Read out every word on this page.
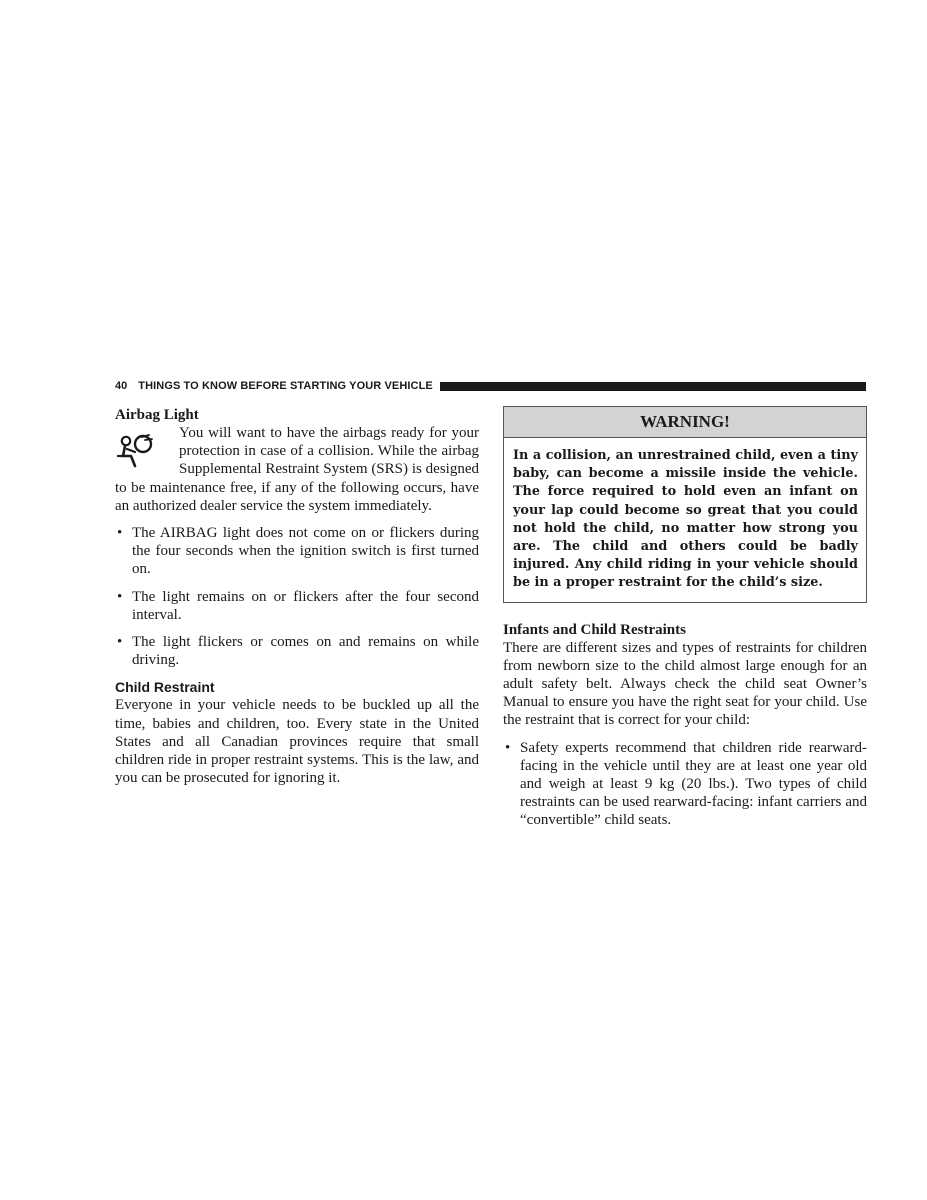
40 THINGS TO KNOW BEFORE STARTING YOUR VEHICLE
Airbag Light

You will want to have the airbags ready for your protection in case of a collision. While the airbag Supplemental Restraint System (SRS) is designed to be maintenance free, if any of the following occurs, have an authorized dealer service the system immediately.

• The AIRBAG light does not come on or flickers during the four seconds when the ignition switch is first turned on.
• The light remains on or flickers after the four second interval.
• The light flickers or comes on and remains on while driving.
Child Restraint

Everyone in your vehicle needs to be buckled up all the time, babies and children, too. Every state in the United States and all Canadian provinces require that small children ride in proper restraint systems. This is the law, and you can be prosecuted for ignoring it.

WARNING!
In a collision, an unrestrained child, even a tiny baby, can become a missile inside the vehicle. The force required to hold even an infant on your lap could become so great that you could not hold the child, no matter how strong you are. The child and others could be badly injured. Any child riding in your vehicle should be in a proper restraint for the child’s size.
Infants and Child Restraints

There are different sizes and types of restraints for children from newborn size to the child almost large enough for an adult safety belt. Always check the child seat Owner’s Manual to ensure you have the right seat for your child. Use the restraint that is correct for your child:

• Safety experts recommend that children ride rearward-facing in the vehicle until they are at least one year old and weigh at least 9 kg (20 lbs.). Two types of child restraints can be used rearward-facing: infant carriers and “convertible” child seats.
